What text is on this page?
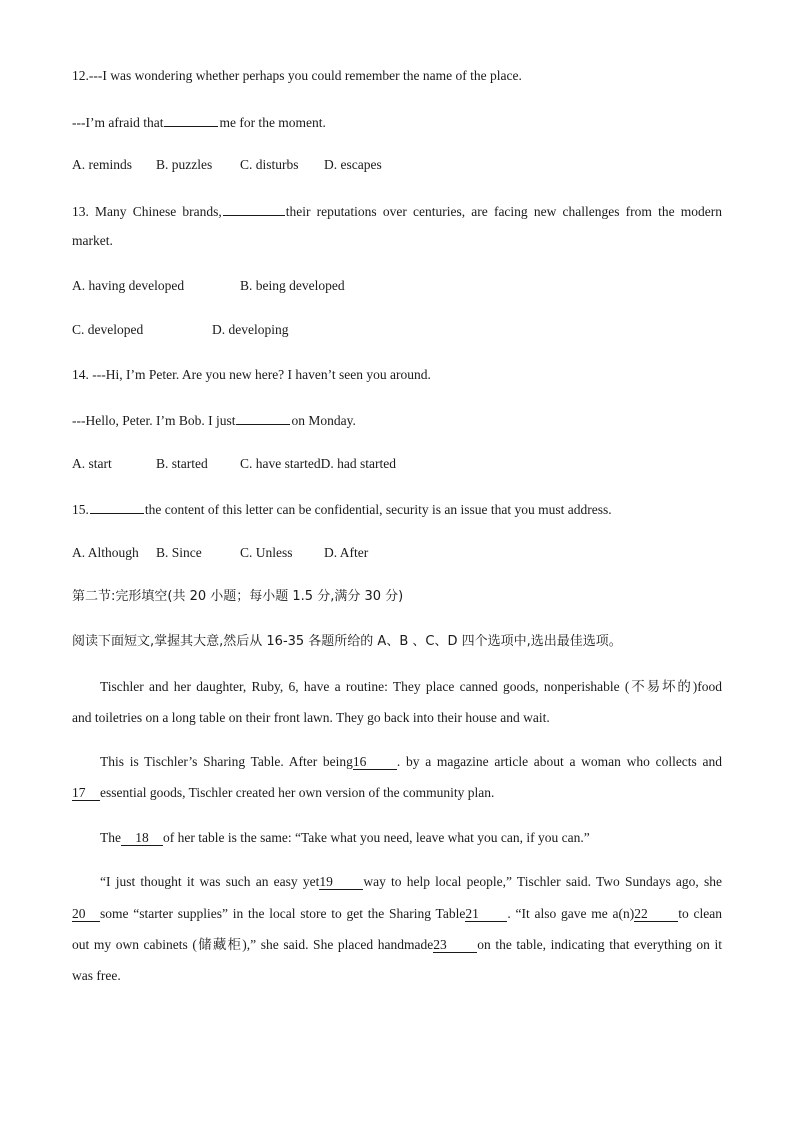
12.---I was wondering whether perhaps you could remember the name of the place.
---I’m afraid that	me for the moment.
A. reminds B. puzzles C. disturbs D. escapes
13. Many Chinese brands,	their reputations over centuries, are facing new challenges from the modern
market.
A. having developed	B. being developed
C. developed	D. developing
14. ---Hi, I’m Peter. Are you new here? I haven’t seen you around.
---Hello, Peter. I’m Bob. I just	on Monday.
A. start	B. started C. have startedD. had started
15.	the content of this letter can be confidential, security is an issue that you must address.
A. Although B. Since	C. Unless D. After
第二节:完形填空(共 20 小题；每小题 1.5 分,满分 30 分)
阅读下面短文,掌握其大意,然后从 16-35 各题所给的 A、B 、C、D 四个选项中,选出最佳选项。
Tischler and her daughter, Ruby, 6, have a routine: They place canned goods, nonperishable (不易坏的)food
and toiletries on a long table on their front lawn. They go back into their house and wait.
This is Tischler’s Sharing Table. After being16 . by a magazine article about a woman who collects and
17 essential goods, Tischler created her own version of the community plan.
The 18 of her table is the same: “Take what you need, leave what you can, if you can.”
“I just thought it was such an easy yet19 way to help local people,” Tischler said. Two Sundays ago, she
20 some “starter supplies” in the local store to get the Sharing Table21 . “It also gave me a(n)22 to clean
out my own cabinets (储藏柜),” she said. She placed handmade23 on the table, indicating that everything on it
was free.
